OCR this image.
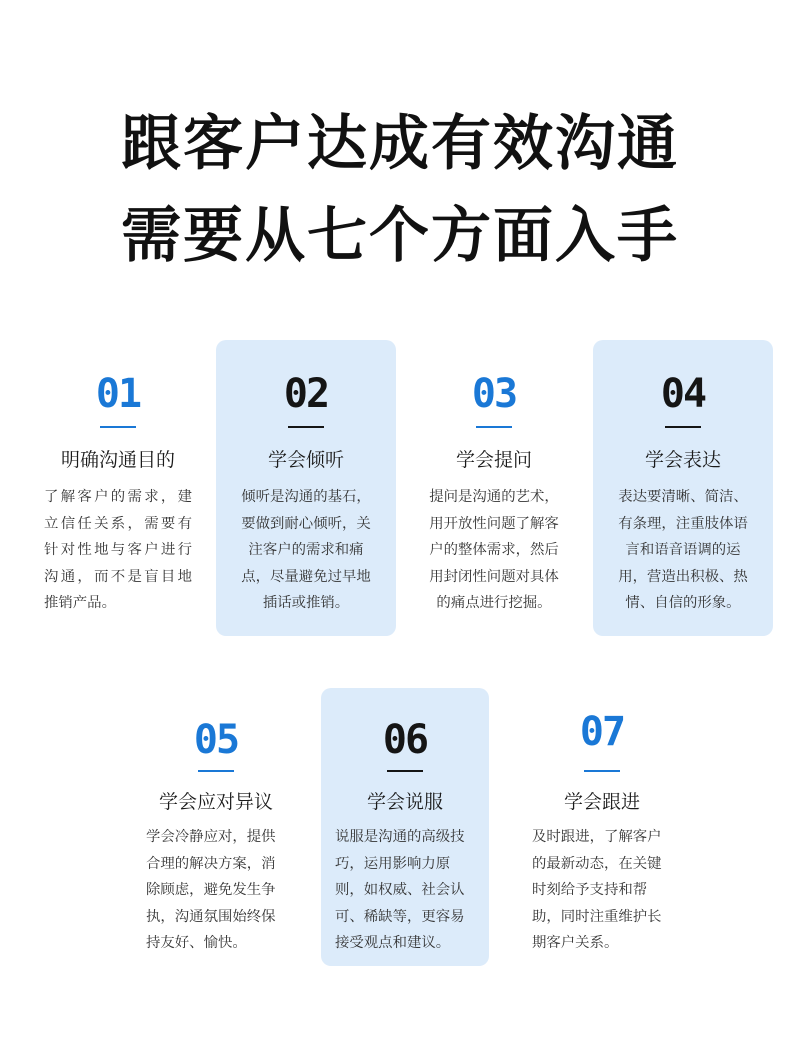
跟客户达成有效沟通
需要从七个方面入手
01
明确沟通目的
了解客户的需求，建
立信任关系，需要有
针对性地与客户进行
沟通，而不是盲目地
推销产品。
02
学会倾听
倾听是沟通的基石，
要做到耐心倾听，关
注客户的需求和痛
点，尽量避免过早地
插话或推销。
03
学会提问
提问是沟通的艺术，
用开放性问题了解客
户的整体需求，然后
用封闭性问题对具体
的痛点进行挖掘。
04
学会表达
表达要清晰、简洁、
有条理，注重肢体语
言和语音语调的运
用，营造出积极、热
情、自信的形象。
05
学会应对异议
学会冷静应对，提供
合理的解决方案，消
除顾虑，避免发生争
执，沟通氛围始终保
持友好、愉快。
06
学会说服
说服是沟通的高级技
巧，运用影响力原
则，如权威、社会认
可、稀缺等，更容易
接受观点和建议。
07
学会跟进
及时跟进，了解客户
的最新动态，在关键
时刻给予支持和帮
助，同时注重维护长
期客户关系。
